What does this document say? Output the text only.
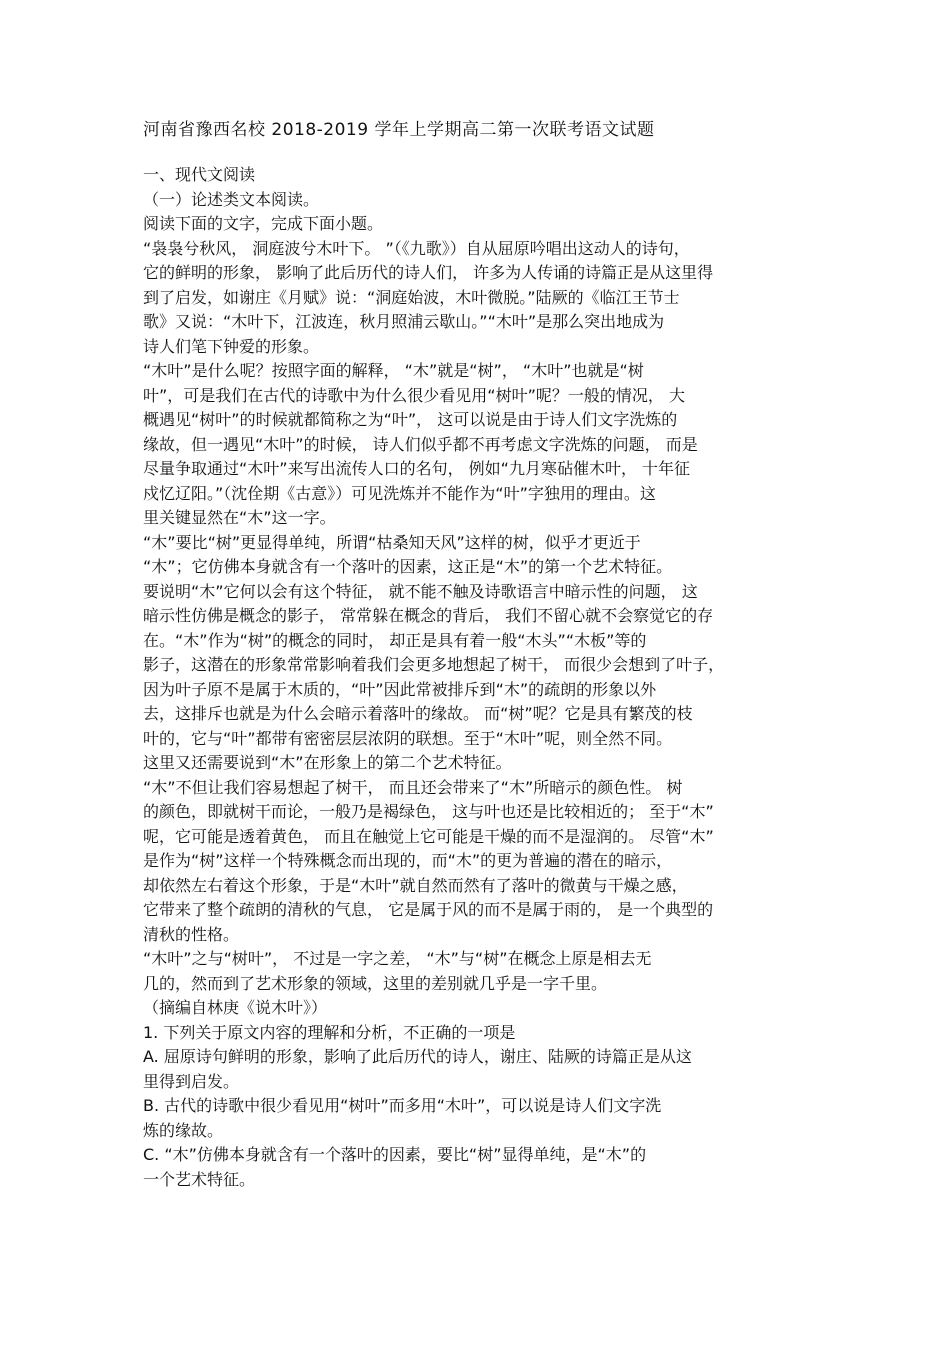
河南省豫西名校 2018-2019 学年上学期高二第一次联考语文试题
一、现代文阅读
（一）论述类文本阅读。
阅读下面的文字，完成下面小题。
“袅袅兮秋风， 洞庭波兮木叶下。 ”（《九歌》）自从屈原吟唱出这动人的诗句，
它的鲜明的形象， 影响了此后历代的诗人们， 许多为人传诵的诗篇正是从这里得
到了启发，如谢庄《月赋》说：“洞庭始波，木叶微脱。”陆厥的《临江王节士
歌》又说：“木叶下，江波连，秋月照浦云歇山。”“木叶”是那么突出地成为
诗人们笔下钟爱的形象。
“木叶”是什么呢？按照字面的解释， “木”就是“树”， “木叶”也就是“树
叶”，可是我们在古代的诗歌中为什么很少看见用“树叶”呢？一般的情况， 大
概遇见“树叶”的时候就都简称之为“叶”， 这可以说是由于诗人们文字洗炼的
缘故，但一遇见“木叶”的时候， 诗人们似乎都不再考虑文字洗炼的问题， 而是
尽量争取通过“木叶”来写出流传人口的名句， 例如“九月寒砧催木叶， 十年征
戍忆辽阳。”（沈佺期《古意》）可见洗炼并不能作为“叶”字独用的理由。这
里关键显然在“木”这一字。
“木”要比“树”更显得单纯，所谓“枯桑知天风”这样的树，似乎才更近于
“木”；它仿佛本身就含有一个落叶的因素，这正是“木”的第一个艺术特征。
要说明“木”它何以会有这个特征， 就不能不触及诗歌语言中暗示性的问题， 这
暗示性仿佛是概念的影子， 常常躲在概念的背后， 我们不留心就不会察觉它的存
在。“木”作为“树”的概念的同时， 却正是具有着一般“木头”“木板”等的
影子，这潜在的形象常常影响着我们会更多地想起了树干， 而很少会想到了叶子，
因为叶子原不是属于木质的，“叶”因此常被排斥到“木”的疏朗的形象以外
去，这排斥也就是为什么会暗示着落叶的缘故。 而“树”呢？它是具有繁茂的枝
叶的，它与“叶”都带有密密层层浓阴的联想。至于“木叶”呢，则全然不同。
这里又还需要说到“木”在形象上的第二个艺术特征。
“木”不但让我们容易想起了树干， 而且还会带来了“木”所暗示的颜色性。 树
的颜色，即就树干而论，一般乃是褐绿色， 这与叶也还是比较相近的； 至于“木”
呢，它可能是透着黄色， 而且在触觉上它可能是干燥的而不是湿润的。 尽管“木”
是作为“树”这样一个特殊概念而出现的，而“木”的更为普遍的潜在的暗示，
却依然左右着这个形象，于是“木叶”就自然而然有了落叶的微黄与干燥之感，
它带来了整个疏朗的清秋的气息， 它是属于风的而不是属于雨的， 是一个典型的
清秋的性格。
“木叶”之与“树叶”， 不过是一字之差， “木”与“树”在概念上原是相去无
几的，然而到了艺术形象的领域，这里的差别就几乎是一字千里。
（摘编自林庚《说木叶》）
1. 下列关于原文内容的理解和分析，不正确的一项是
A. 屈原诗句鲜明的形象，影响了此后历代的诗人，谢庄、陆厥的诗篇正是从这
里得到启发。
B. 古代的诗歌中很少看见用“树叶”而多用“木叶”，可以说是诗人们文字洗
炼的缘故。
C. “木”仿佛本身就含有一个落叶的因素，要比“树”显得单纯，是“木”的
一个艺术特征。
